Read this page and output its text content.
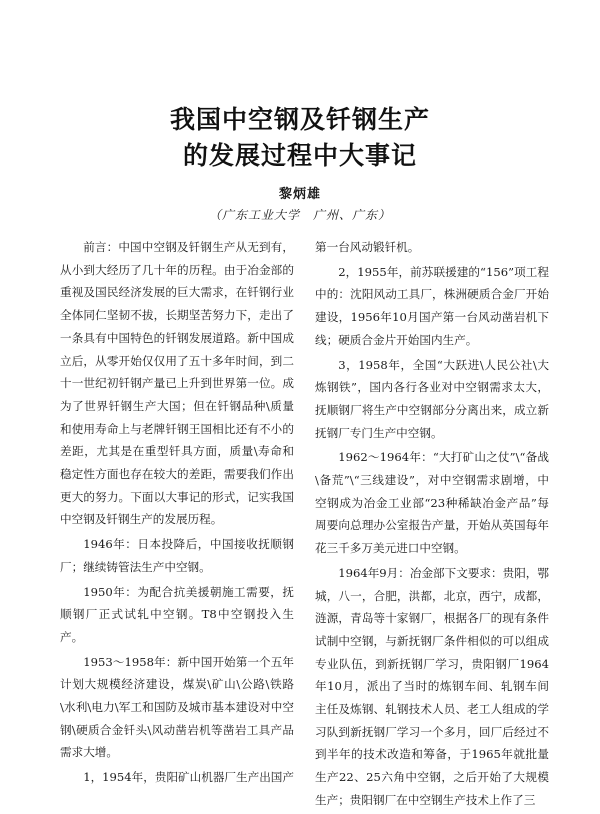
我国中空钢及钎钢生产
的发展过程中大事记
黎炳雄
（广东工业大学　广州、广东）

前言：中国中空钢及钎钢生产从无到有，从小到大经历了几十年的历程。由于冶金部的重视及国民经济发展的巨大需求，在钎钢行业全体同仁坚韧不拔，长期坚苦努力下，走出了一条具有中国特色的钎钢发展道路。新中国成立后，从零开始仅仅用了五十多年时间，到二十一世纪初钎钢产量已上升到世界第一位。成为了世界钎钢生产大国；但在钎钢品种\质量和使用寿命上与老牌钎钢王国相比还有不小的差距，尤其是在重型钎具方面，质量\寿命和稳定性方面也存在较大的差距，需要我们作出更大的努力。下面以大事记的形式，记实我国中空钢及钎钢生产的发展历程。

1946年：日本投降后，中国接收抚顺钢厂；继续铸管法生产中空钢。

1950年：为配合抗美援朝施工需要，抚顺钢厂正式试轧中空钢。T8中空钢投入生产。

1953～1958年：新中国开始第一个五年计划大规模经济建设，煤炭\矿山\公路\铁路\水利\电力\军工和国防及城市基本建设对中空钢\硬质合金钎头\风动凿岩机等凿岩工具产品需求大增。

1，1954年，贵阳矿山机器厂生产出国产

第一台风动锻钎机。

2，1955年，前苏联援建的“156”项工程中的：沈阳风动工具厂，株洲硬质合金厂开始建设，1956年10月国产第一台风动凿岩机下线；硬质合金片开始国内生产。

3，1958年，全国“大跃进\人民公社\大炼钢铁”，国内各行各业对中空钢需求太大，抚顺钢厂将生产中空钢部分分离出来，成立新抚钢厂专门生产中空钢。

1962～1964年：“大打矿山之仗”\“备战\备荒”\“三线建设”，对中空钢需求剧增，中空钢成为冶金工业部“23种稀缺冶金产品”每周要向总理办公室报告产量，开始从英国每年花三千多万美元进口中空钢。

1964年9月：冶金部下文要求：贵阳，鄂城，八一，合肥，洪都，北京，西宁，成都，涟源，青岛等十家钢厂，根据各厂的现有条件试制中空钢，与新抚钢厂条件相似的可以组成专业队伍，到新抚钢厂学习，贵阳钢厂1964年10月，派出了当时的炼钢车间、轧钢车间主任及炼钢、轧钢技术人员、老工人组成的学习队到新抚钢厂学习一个多月，回厂后经过不到半年的技术改造和筹备，于1965年就批量生产22、25六角中空钢，之后开始了大规模生产；贵阳钢厂在中空钢生产技术上作了三
